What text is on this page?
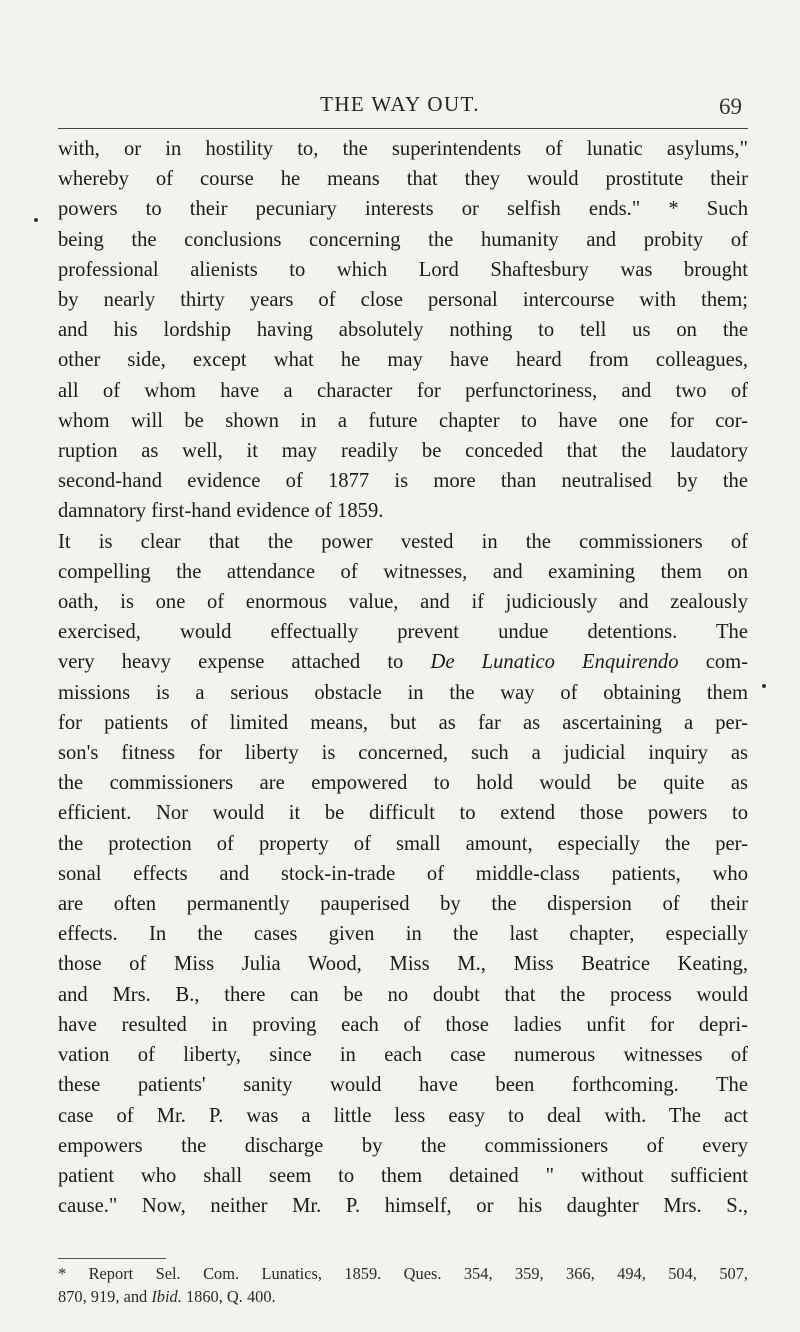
THE WAY OUT.	69
with, or in hostility to, the superintendents of lunatic asylums,"
whereby of course he means that they would prostitute their
powers to their pecuniary interests or selfish ends." * Such
being the conclusions concerning the humanity and probity of
professional alienists to which Lord Shaftesbury was brought
by nearly thirty years of close personal intercourse with them;
and his lordship having absolutely nothing to tell us on the
other side, except what he may have heard from colleagues,
all of whom have a character for perfunctoriness, and two of
whom will be shown in a future chapter to have one for cor-
ruption as well, it may readily be conceded that the laudatory
second-hand evidence of 1877 is more than neutralised by the
damnatory first-hand evidence of 1859.
It is clear that the power vested in the commissioners of
compelling the attendance of witnesses, and examining them on
oath, is one of enormous value, and if judiciously and zealously
exercised, would effectually prevent undue detentions. The
very heavy expense attached to De Lunatico Enquirendo com-
missions is a serious obstacle in the way of obtaining them
for patients of limited means, but as far as ascertaining a per-
son's fitness for liberty is concerned, such a judicial inquiry as
the commissioners are empowered to hold would be quite as
efficient. Nor would it be difficult to extend those powers to
the protection of property of small amount, especially the per-
sonal effects and stock-in-trade of middle-class patients, who
are often permanently pauperised by the dispersion of their
effects. In the cases given in the last chapter, especially
those of Miss Julia Wood, Miss M., Miss Beatrice Keating,
and Mrs. B., there can be no doubt that the process would
have resulted in proving each of those ladies unfit for depri-
vation of liberty, since in each case numerous witnesses of
these patients' sanity would have been forthcoming. The
case of Mr. P. was a little less easy to deal with. The act
empowers the discharge by the commissioners of every
patient who shall seem to them detained " without sufficient
cause." Now, neither Mr. P. himself, or his daughter Mrs. S.,
* Report Sel. Com. Lunatics, 1859. Ques. 354, 359, 366, 494, 504, 507,
870, 919, and Ibid. 1860, Q. 400.
